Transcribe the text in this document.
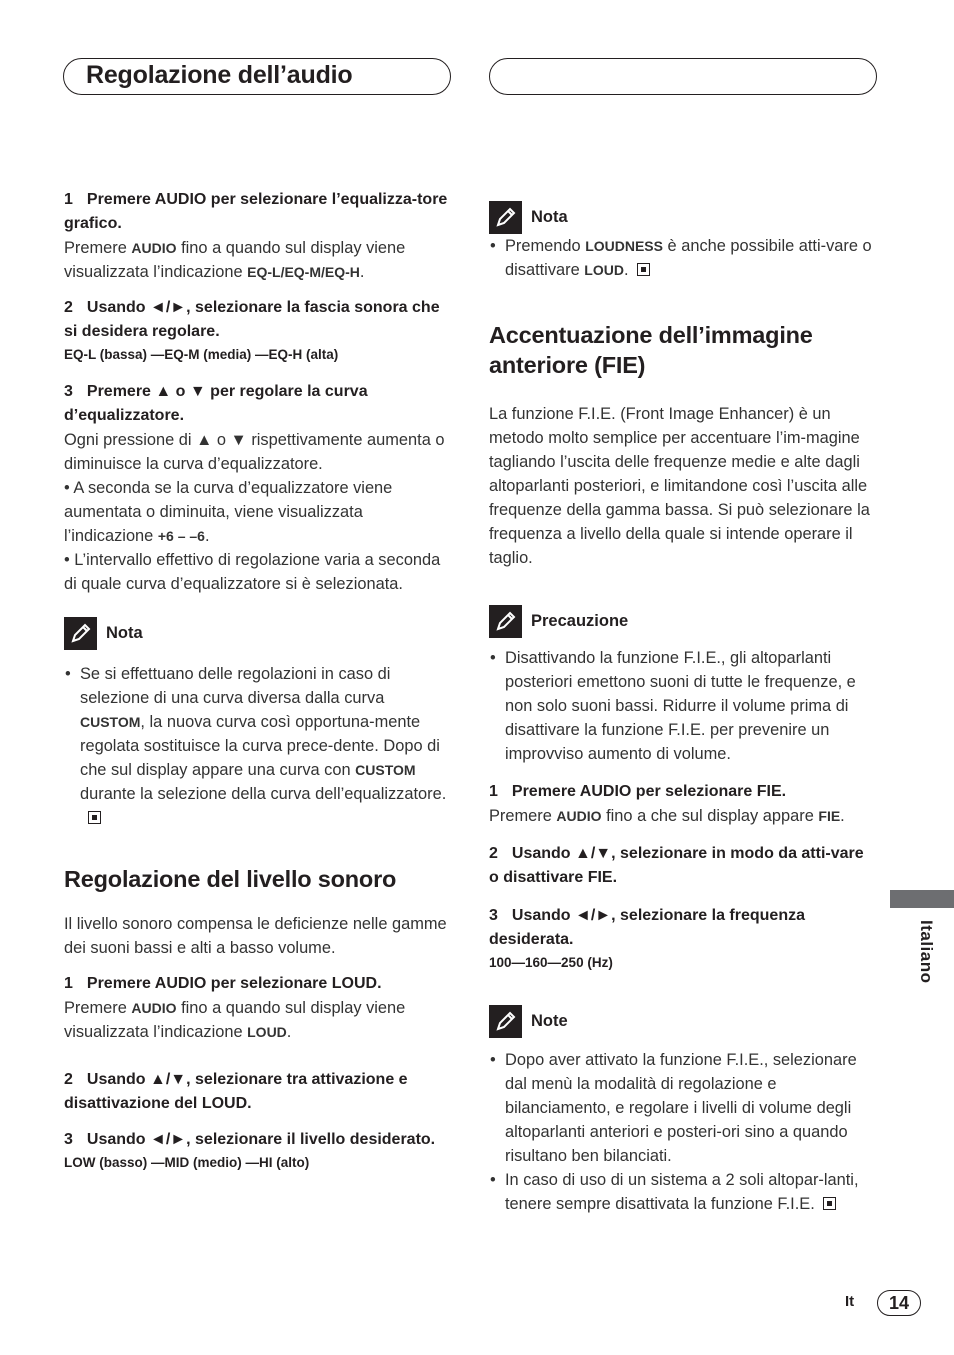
Regolazione dell’audio

1 Premere AUDIO per selezionare l’equalizza-tore grafico.

Premere AUDIO fino a quando sul display viene visualizzata l’indicazione EQ-L/EQ-M/EQ-H.

2 Usando ◄/►, selezionare la fascia sonora che si desidera regolare.

EQ-L (bassa) —EQ-M (media) —EQ-H (alta)

3 Premere ▲ o ▼ per regolare la curva d’equalizzatore.

Ogni pressione di ▲ o ▼ rispettivamente aumenta o diminuisce la curva d’equalizzatore.

• A seconda se la curva d’equalizzatore viene aumentata o diminuita, viene visualizzata l’indicazione +6 – –6.

• L’intervallo effettivo di regolazione varia a seconda di quale curva d’equalizzatore si è selezionata.

Nota

• Se si effettuano delle regolazioni in caso di selezione di una curva diversa dalla curva CUSTOM, la nuova curva così opportuna-mente regolata sostituisce la curva prece-dente. Dopo di che sul display appare una curva con CUSTOM durante la selezione della curva dell’equalizzatore.

Regolazione del livello sonoro

Il livello sonoro compensa le deficienze nelle gamme dei suoni bassi e alti a basso volume.

1 Premere AUDIO per selezionare LOUD.

Premere AUDIO fino a quando sul display viene visualizzata l’indicazione LOUD.

2 Usando ▲/▼, selezionare tra attivazione e disattivazione del LOUD.

3 Usando ◄/►, selezionare il livello desiderato.

LOW (basso) —MID (medio) —HI (alto)

Nota

• Premendo LOUDNESS è anche possibile atti-vare o disattivare LOUD.

Accentuazione dell’immagine anteriore (FIE)

La funzione F.I.E. (Front Image Enhancer) è un metodo molto semplice per accentuare l’im-magine tagliando l’uscita delle frequenze medie e alte dagli altoparlanti posteriori, e limitandone così l’uscita alle frequenze della gamma bassa. Si può selezionare la frequenza a livello della quale si intende operare il taglio.

Precauzione

• Disattivando la funzione F.I.E., gli altoparlanti posteriori emettono suoni di tutte le frequenze, e non solo suoni bassi. Ridurre il volume prima di disattivare la funzione F.I.E. per prevenire un improvviso aumento di volume.

1 Premere AUDIO per selezionare FIE.

Premere AUDIO fino a che sul display appare FIE.

2 Usando ▲/▼, selezionare in modo da atti-vare o disattivare FIE.

3 Usando ◄/►, selezionare la frequenza desiderata.

100—160—250 (Hz)

Note

• Dopo aver attivato la funzione F.I.E., selezionare dal menù la modalità di regolazione e bilanciamento, e regolare i livelli di volume degli altoparlanti anteriori e posteri-ori sino a quando risultano ben bilanciati.

• In caso di uso di un sistema a 2 soli altopar-lanti, tenere sempre disattivata la funzione F.I.E.

Italiano
It	14
